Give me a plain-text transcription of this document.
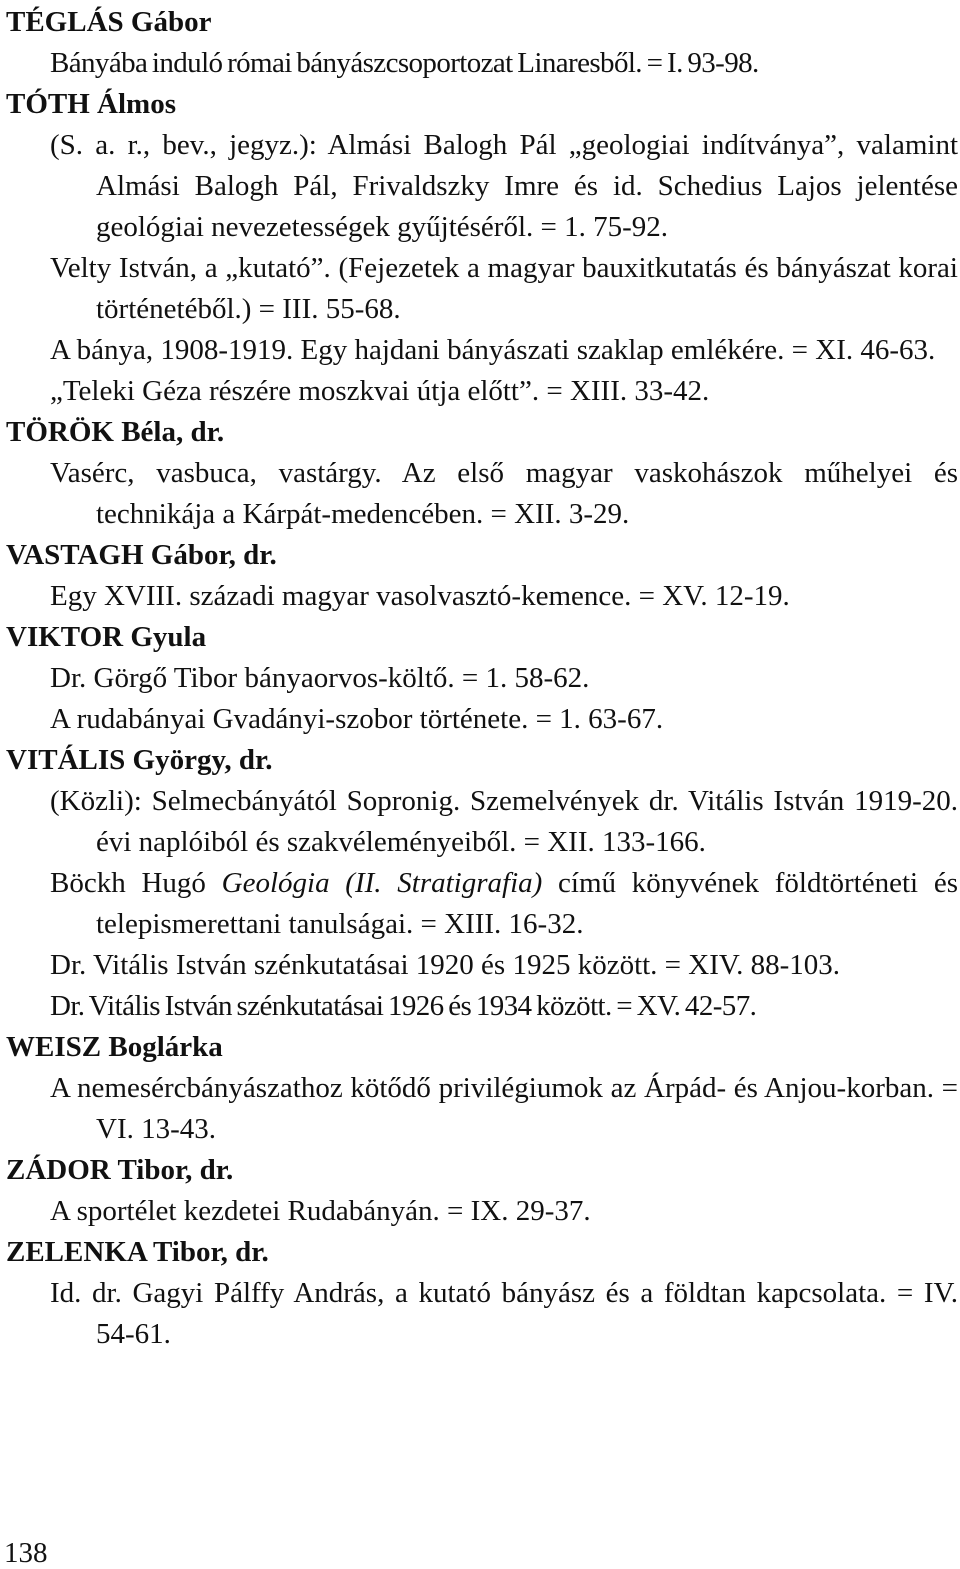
TÉGLÁS Gábor

Bányába induló római bányászcsoportozat Linaresből. = I. 93-98.

TÓTH Álmos

(S. a. r., bev., jegyz.): Almási Balogh Pál „geologiai indítványa”, valamint Almási Balogh Pál, Frivaldszky Imre és id. Schedius Lajos jelentése geológiai nevezetességek gyűjtéséről. = 1. 75-92.

Velty István, a „kutató”. (Fejezetek a magyar bauxitkutatás és bányászat korai történetéből.) = III. 55-68.

A bánya, 1908-1919. Egy hajdani bányászati szaklap emlékére. = XI. 46-63.

„Teleki Géza részére moszkvai útja előtt”. = XIII. 33-42.

TÖRÖK Béla, dr.

Vasérc, vasbuca, vastárgy. Az első magyar vaskohászok műhelyei és technikája a Kárpát-medencében. = XII. 3-29.

VASTAGH Gábor, dr.

Egy XVIII. századi magyar vasolvasztó-kemence. = XV. 12-19.

VIKTOR Gyula

Dr. Görgő Tibor bányaorvos-költő. = 1. 58-62.

A rudabányai Gvadányi-szobor története. = 1. 63-67.

VITÁLIS György, dr.

(Közli): Selmecbányától Sopronig. Szemelvények dr. Vitális István 1919-20. évi naplóiból és szakvéleményeiből. = XII. 133-166.

Böckh Hugó Geológia (II. Stratigrafia) című könyvének földtörténeti és telepismerettani tanulságai. = XIII. 16-32.

Dr. Vitális István szénkutatásai 1920 és 1925 között. = XIV. 88-103.

Dr. Vitális István szénkutatásai 1926 és 1934 között. = XV. 42-57.

WEISZ Boglárka

A nemesércbányászathoz kötődő privilégiumok az Árpád- és Anjou-korban. = VI. 13-43.

ZÁDOR Tibor, dr.

A sportélet kezdetei Rudabányán. = IX. 29-37.

ZELENKA Tibor, dr.

Id. dr. Gagyi Pálffy András, a kutató bányász és a földtan kapcsolata. = IV. 54-61.

138
